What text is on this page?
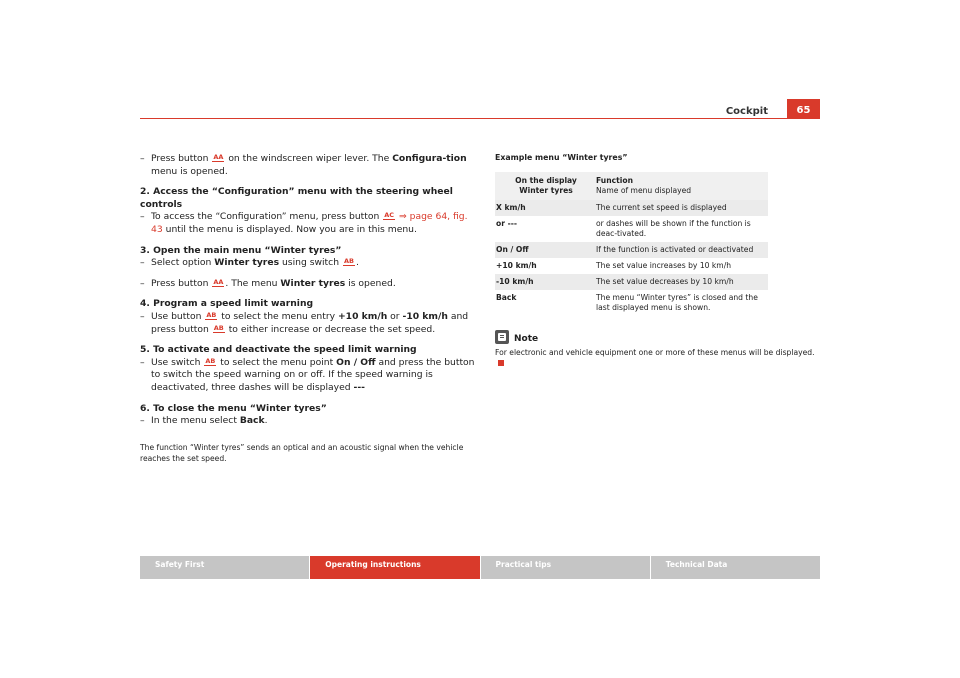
Cockpit	65

– Press button AA on the windscreen wiper lever. The Configura-tion menu is opened.

2. Access the “Configuration” menu with the steering wheel controls

– To access the “Configuration” menu, press button AC ⇒ page 64, fig. 43 until the menu is displayed. Now you are in this menu.

3. Open the main menu “Winter tyres”

– Select option Winter tyres using switch AB .

– Press button AA . The menu Winter tyres is opened.

4. Program a speed limit warning

– Use button AB to select the menu entry +10 km/h or -10 km/h and press button AB to either increase or decrease the set speed.

5. To activate and deactivate the speed limit warning

– Use switch AB to select the menu point On / Off and press the button to switch the speed warning on or off. If the speed warning is deactivated, three dashes will be displayed ---

6. To close the menu “Winter tyres”

– In the menu select Back.

The function “Winter tyres” sends an optical and an acoustic signal when the vehicle reaches the set speed.

Example menu “Winter tyres”

On the display
Winter tyres	Function
Name of menu displayed

X km/h	The current set speed is displayed
or ---	or dashes will be shown if the function is deac-tivated.
On / Off	If the function is activated or deactivated
+10 km/h	The set value increases by 10 km/h
-10 km/h	The set value decreases by 10 km/h
Back	The menu “Winter tyres” is closed and the last displayed menu is shown.
Note
For electronic and vehicle equipment one or more of these menus will be displayed.
Safety First	Operating instructions	Practical tips	Technical Data
